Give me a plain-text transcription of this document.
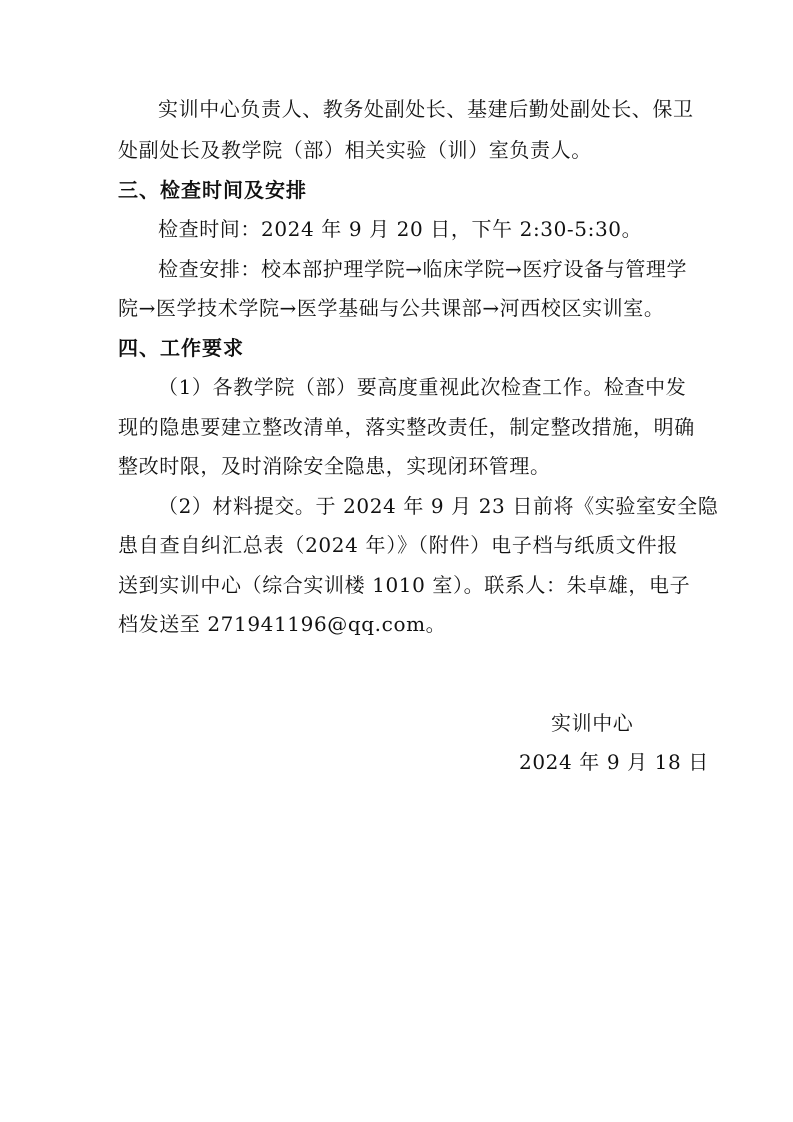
实训中心负责人、教务处副处长、基建后勤处副处长、保卫
处副处长及教学院（部）相关实验（训）室负责人。
三、检查时间及安排
检查时间：2024 年 9 月 20 日，下午 2:30-5:30。
检查安排：校本部护理学院→临床学院→医疗设备与管理学
院→医学技术学院→医学基础与公共课部→河西校区实训室。
四、工作要求
（1）各教学院（部）要高度重视此次检查工作。检查中发
现的隐患要建立整改清单，落实整改责任，制定整改措施，明确
整改时限，及时消除安全隐患，实现闭环管理。
（2）材料提交。于 2024 年 9 月 23 日前将《实验室安全隐
患自查自纠汇总表（2024 年）》（附件）电子档与纸质文件报
送到实训中心（综合实训楼 1010 室）。联系人：朱卓雄，电子
档发送至 271941196@qq.com。
实训中心
2024 年 9 月 18 日
